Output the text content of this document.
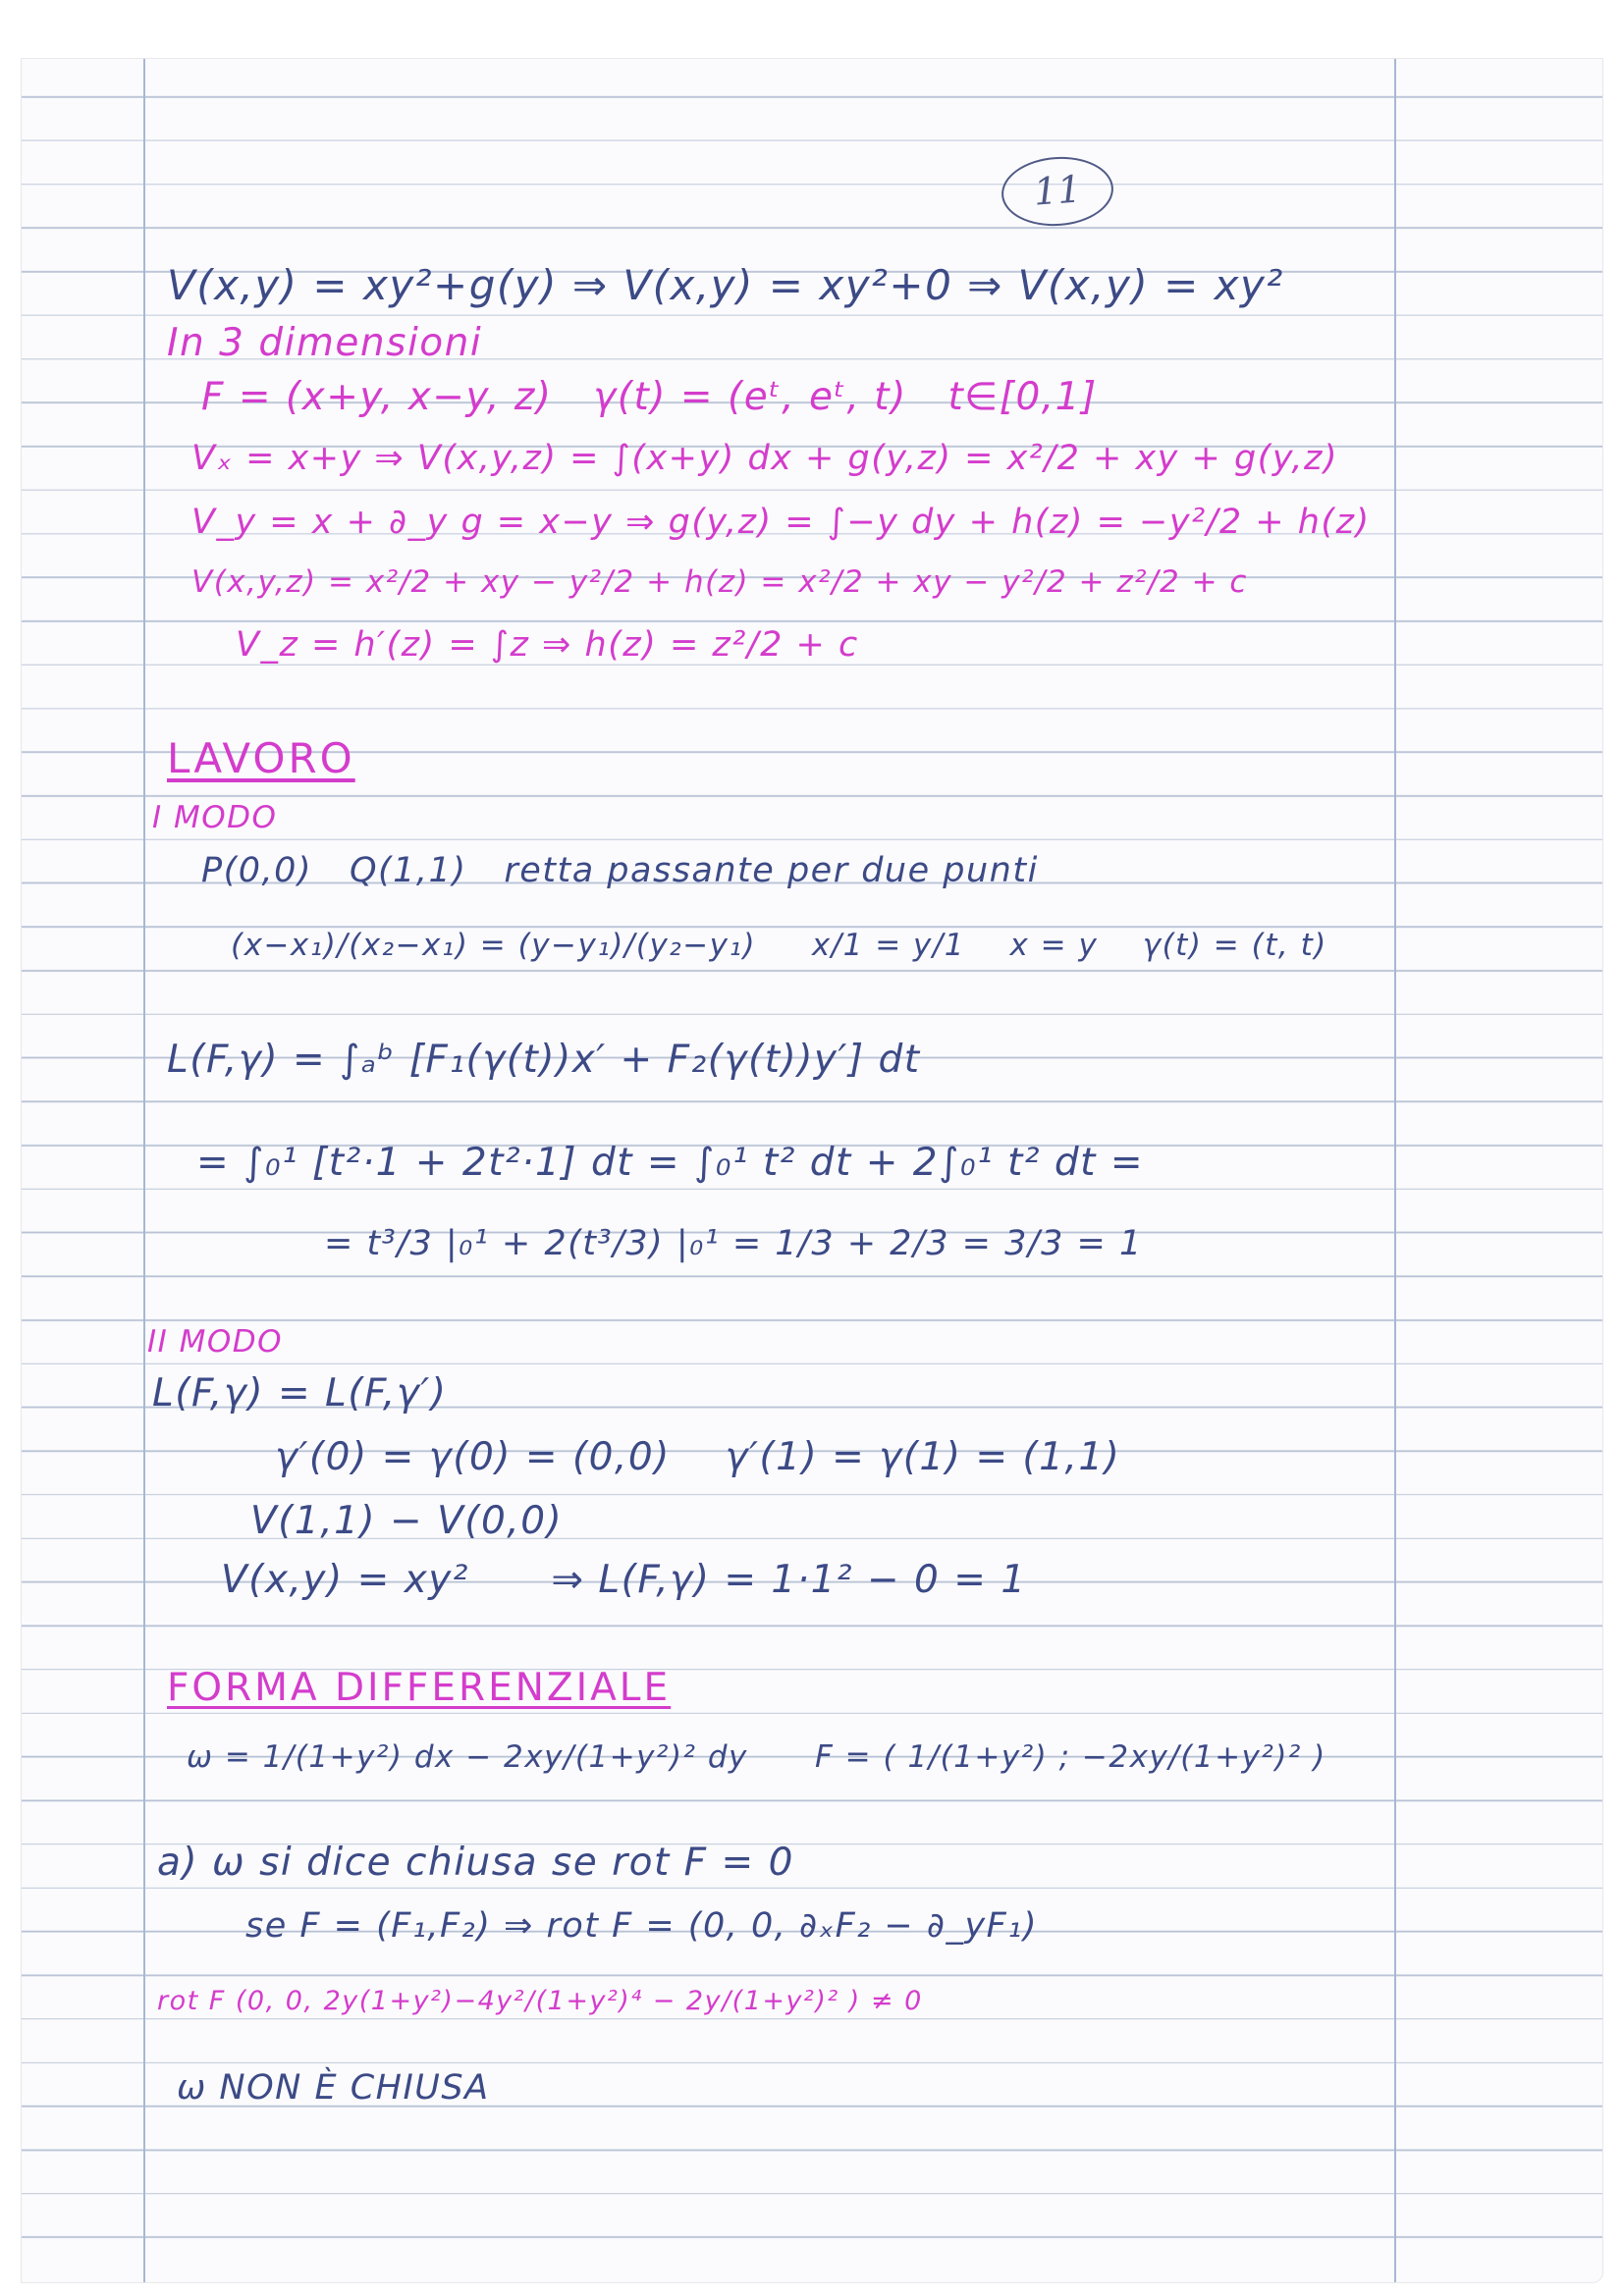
11
V(x,y) = xy²+g(y) ⇒ V(x,y) = xy²+0 ⇒ V(x,y) = xy²
In 3 dimensioni
F = (x+y, x−y, z)   γ(t) = (eᵗ, eᵗ, t)   t∈[0,1]
Vₓ = x+y ⇒ V(x,y,z) = ∫(x+y) dx + g(y,z) = x²/2 + xy + g(y,z)
V_y = x + ∂_y g = x−y ⇒ g(y,z) = ∫−y dy + h(z) = −y²/2 + h(z)
V(x,y,z) = x²/2 + xy − y²/2 + h(z) = x²/2 + xy − y²/2 + z²/2 + c
V_z = h′(z) = ∫z ⇒ h(z) = z²/2 + c
LAVORO
I MODO
P(0,0)   Q(1,1)   retta passante per due punti
(x−x₁)/(x₂−x₁) = (y−y₁)/(y₂−y₁)     x/1 = y/1    x = y    γ(t) = (t, t)
L(F,γ) = ∫ₐᵇ [F₁(γ(t))x′ + F₂(γ(t))y′] dt
= ∫₀¹ [t²·1 + 2t²·1] dt = ∫₀¹ t² dt + 2∫₀¹ t² dt =
= t³/3 |₀¹ + 2(t³/3) |₀¹ = 1/3 + 2/3 = 3/3 = 1
II MODO
L(F,γ) = L(F,γ′)
γ′(0) = γ(0) = (0,0)    γ′(1) = γ(1) = (1,1)
V(1,1) − V(0,0)
V(x,y) = xy²      ⇒ L(F,γ) = 1·1² − 0 = 1
FORMA DIFFERENZIALE
ω = 1/(1+y²) dx − 2xy/(1+y²)² dy      F = ( 1/(1+y²) ; −2xy/(1+y²)² )
a) ω si dice chiusa se rot F = 0
se F = (F₁,F₂) ⇒ rot F = (0, 0, ∂ₓF₂ − ∂_yF₁)
rot F (0, 0, 2y(1+y²)−4y²/(1+y²)⁴ − 2y/(1+y²)² ) ≠ 0
ω NON È CHIUSA
